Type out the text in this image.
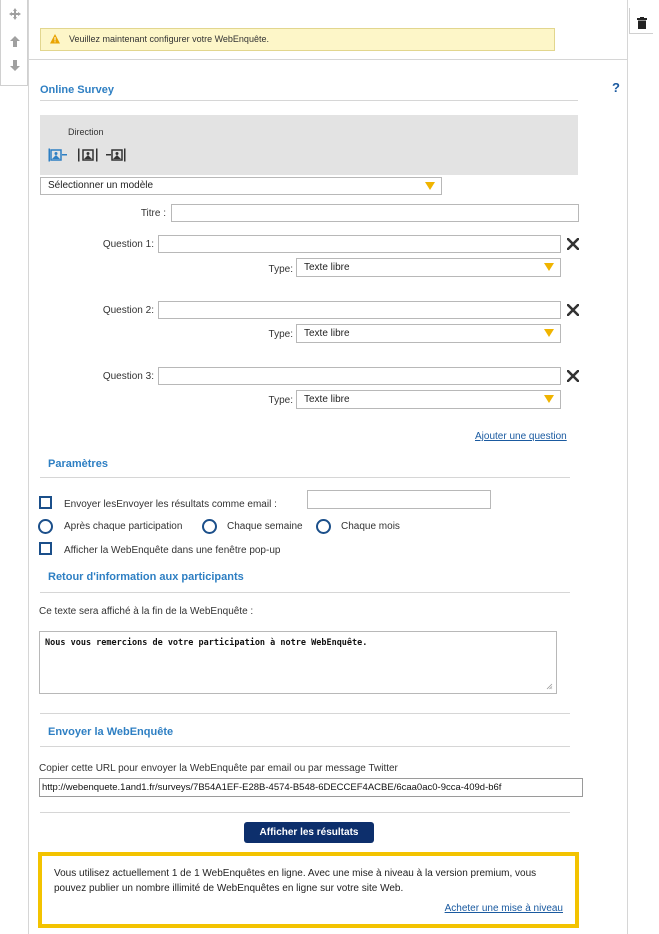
Veuillez maintenant configurer votre WebEnquête.
Online Survey	?
Direction
Sélectionner un modèle
Titre :
Question 1:
Type:	Texte libre
Question 2:
Type:	Texte libre
Question 3:
Type:	Texte libre
Ajouter une question
Paramètres
Envoyer lesEnvoyer les résultats comme email :
Après chaque participation	Chaque semaine	Chaque mois
Afficher la WebEnquête dans une fenêtre pop-up
Retour d'information aux participants
Ce texte sera affiché à la fin de la WebEnquête :
Nous vous remercions de votre participation à notre WebEnquête.
Envoyer la WebEnquête
Copier cette URL pour envoyer la WebEnquête par email ou par message Twitter
http://webenquete.1and1.fr/surveys/7B54A1EF-E28B-4574-B548-6DECCEF4ACBE/6caa0ac0-9cca-409d-b6f
Afficher les résultats
Vous utilisez actuellement 1 de 1 WebEnquêtes en ligne. Avec une mise à niveau à la version premium, vous pouvez publier un nombre illimité de WebEnquêtes en ligne sur votre site Web.
Acheter une mise à niveau
